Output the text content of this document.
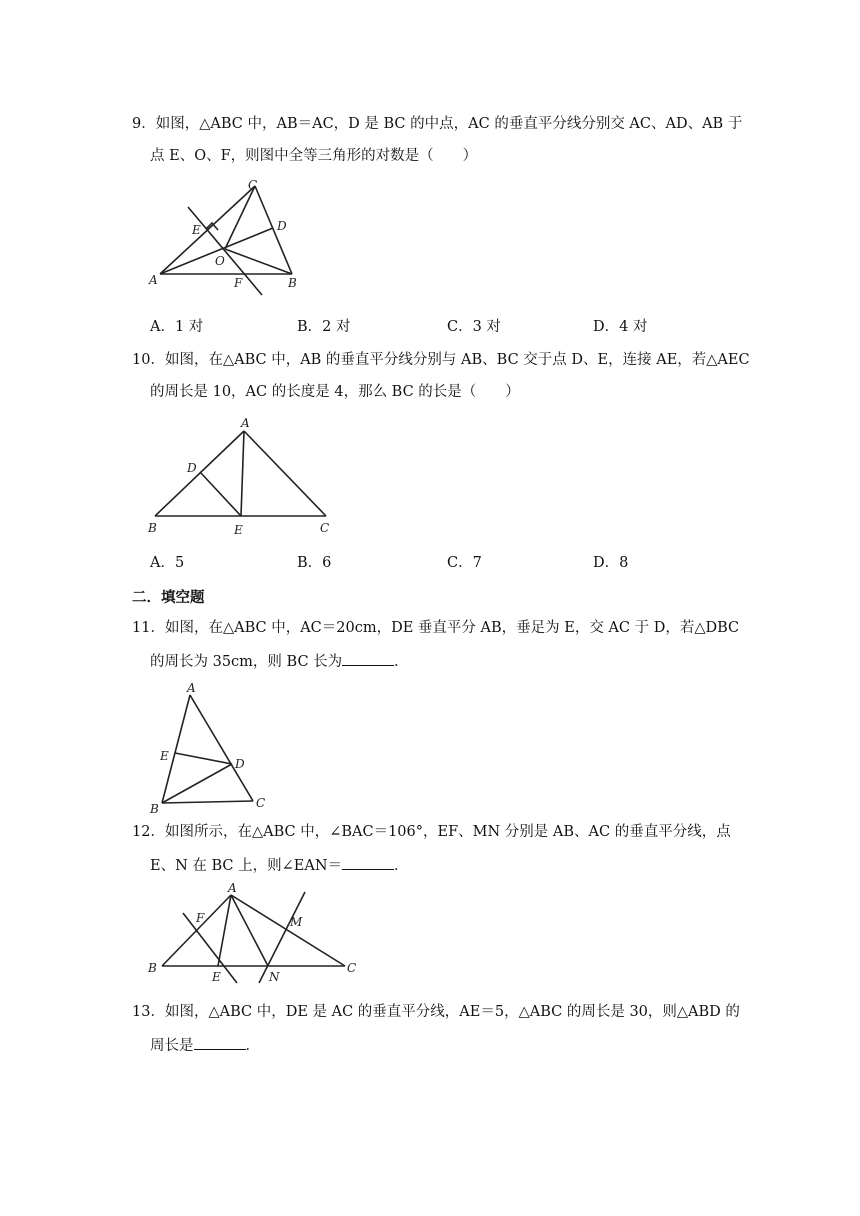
9．如图，△ABC 中，AB＝AC，D 是 BC 的中点，AC 的垂直平分线分别交 AC、AD、AB 于
点 E、O、F，则图中全等三角形的对数是（　　）
C
D
E
O
A	F	B
A．1 对	B．2 对	C．3 对	D．4 对
10．如图，在△ABC 中，AB 的垂直平分线分别与 AB、BC 交于点 D、E，连接 AE，若△AEC
的周长是 10，AC 的长度是 4，那么 BC 的长是（　　）
A
D
B	E	C
A．5	B．6	C．7	D．8
二．填空题
11．如图，在△ABC 中，AC＝20cm，DE 垂直平分 AB，垂足为 E，交 AC 于 D，若△DBC
的周长为 35cm，则 BC 长为	．
A
E
D
B	C
12．如图所示，在△ABC 中，∠BAC＝106°，EF、MN 分别是 AB、AC 的垂直平分线，点
E、N 在 BC 上，则∠EAN＝	．
A
F	M
B
E	N
C
13．如图，△ABC 中，DE 是 AC 的垂直平分线，AE＝5，△ABC 的周长是 30，则△ABD 的
周长是	．
